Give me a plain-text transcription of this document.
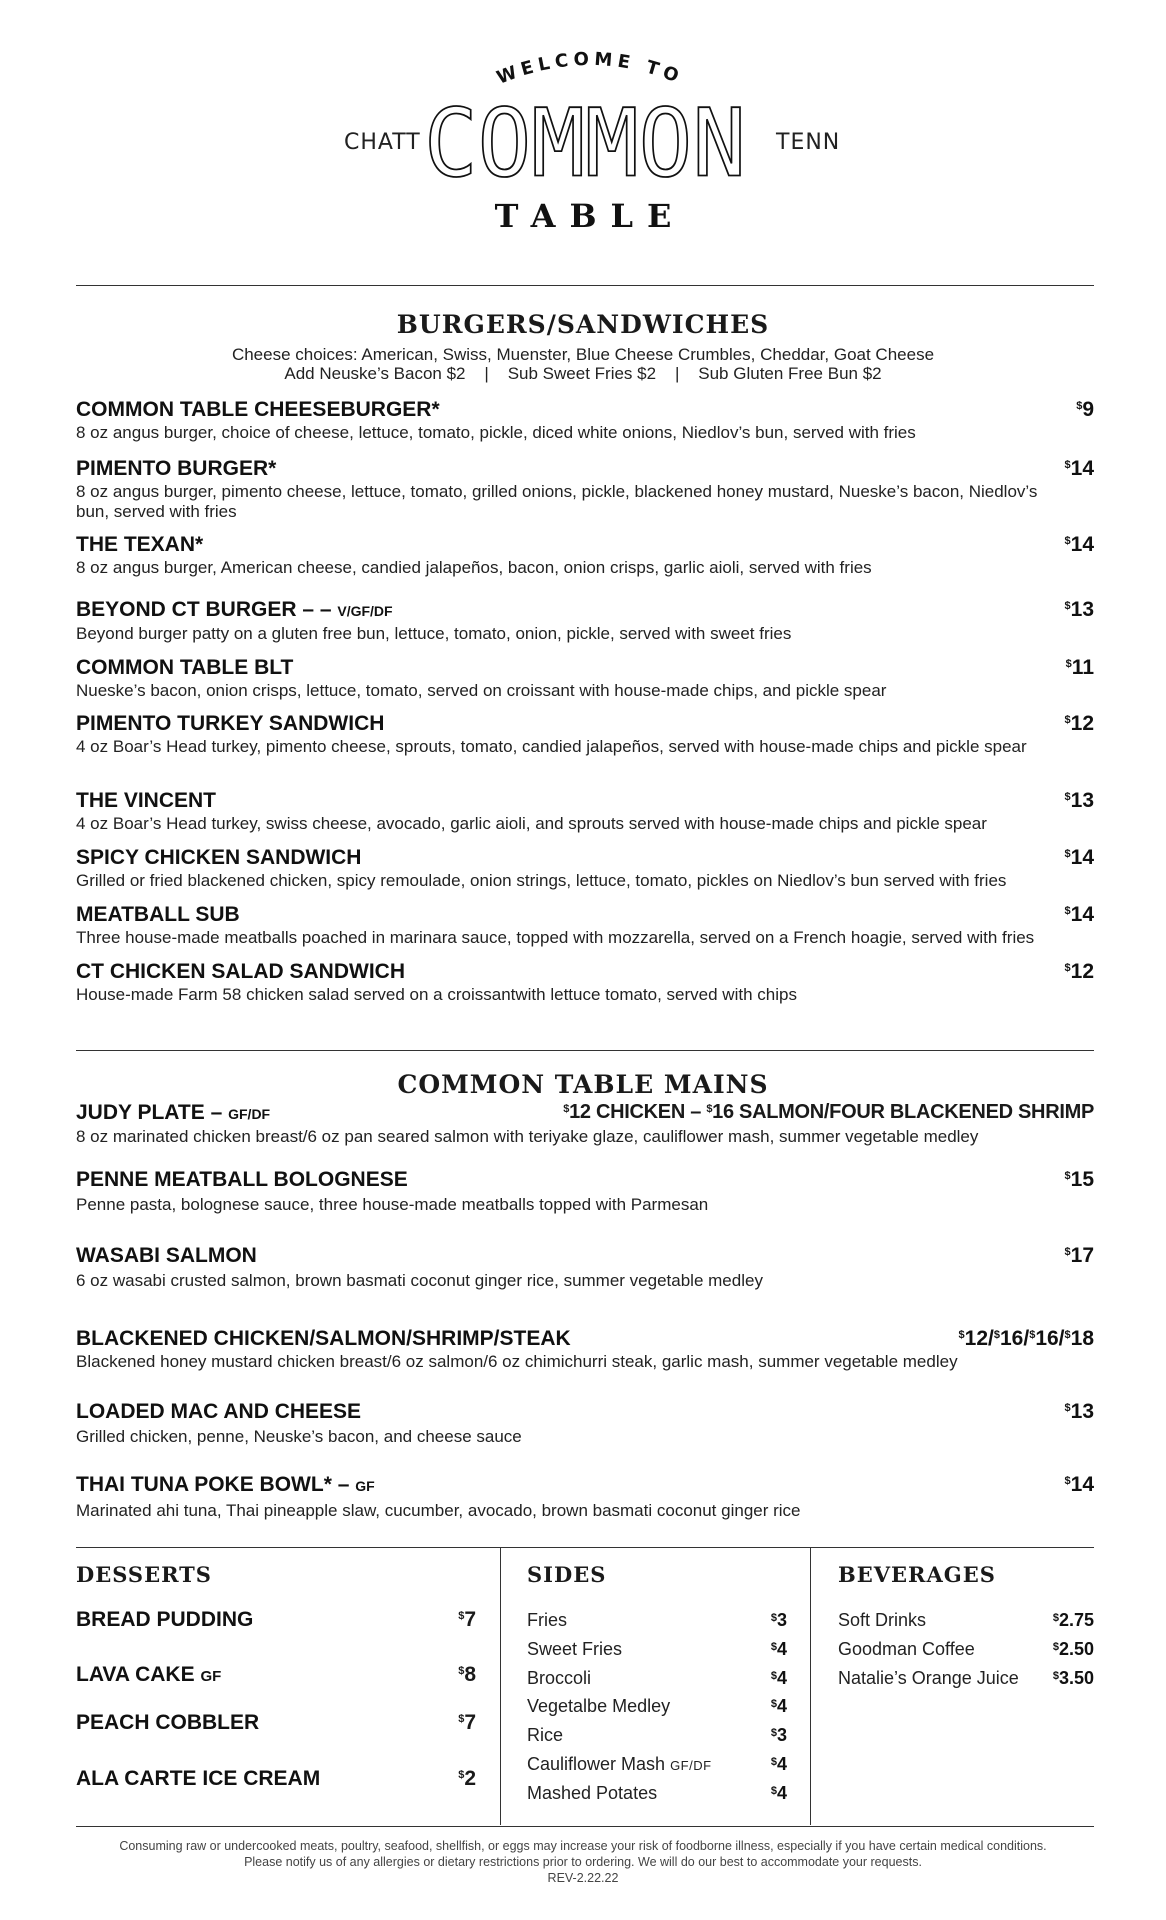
WELCOME TO
CHATT COMMON TENN
TABLE
BURGERS/SANDWICHES
Cheese choices: American, Swiss, Muenster, Blue Cheese Crumbles, Cheddar, Goat Cheese
Add Neuske’s Bacon $2    |    Sub Sweet Fries $2    |    Sub Gluten Free Bun $2
COMMON TABLE CHEESEBURGER*	$9
8 oz angus burger, choice of cheese, lettuce, tomato, pickle, diced white onions, Niedlov’s bun, served with fries
PIMENTO BURGER*	$14
8 oz angus burger, pimento cheese, lettuce, tomato, grilled onions, pickle, blackened honey mustard, Nueske’s bacon, Niedlov’s bun, served with fries
THE TEXAN*	$14
8 oz angus burger, American cheese, candied jalapeños, bacon, onion crisps, garlic aioli, served with fries
BEYOND CT BURGER – – V/GF/DF	$13
Beyond burger patty on a gluten free bun, lettuce, tomato, onion, pickle, served with sweet fries
COMMON TABLE BLT	$11
Nueske’s bacon, onion crisps, lettuce, tomato, served on croissant with house-made chips, and pickle spear
PIMENTO TURKEY SANDWICH	$12
4 oz Boar’s Head turkey, pimento cheese, sprouts, tomato, candied jalapeños, served with house-made chips and pickle spear
THE VINCENT	$13
4 oz Boar’s Head turkey, swiss cheese, avocado, garlic aioli, and sprouts served with house-made chips and pickle spear
SPICY CHICKEN SANDWICH	$14
Grilled or fried blackened chicken, spicy remoulade, onion strings, lettuce, tomato, pickles on Niedlov’s bun served with fries
MEATBALL SUB	$14
Three house-made meatballs poached in marinara sauce, topped with mozzarella, served on a French hoagie, served with fries
CT CHICKEN SALAD SANDWICH	$12
House-made Farm 58 chicken salad served on a croissantwith lettuce tomato, served with chips
COMMON TABLE MAINS
JUDY PLATE – GF/DF	$12 CHICKEN – $16 SALMON/FOUR BLACKENED SHRIMP
8 oz marinated chicken breast/6 oz pan seared salmon with teriyake glaze, cauliflower mash, summer vegetable medley
PENNE MEATBALL BOLOGNESE	$15
Penne pasta, bolognese sauce, three house-made meatballs topped with Parmesan
WASABI SALMON	$17
6 oz wasabi crusted salmon, brown basmati coconut ginger rice, summer vegetable medley
LOADED MAC AND CHEESE	$13
Grilled chicken, penne, Neuske’s bacon, and cheese sauce
THAI TUNA POKE BOWL* – GF	$14
Marinated ahi tuna, Thai pineapple slaw, cucumber, avocado, brown basmati coconut ginger rice
BLACKENED CHICKEN/SALMON/SHRIMP/STEAK	$12/$16/$16/$18
Blackened honey mustard chicken breast/6 oz salmon/6 oz chimichurri steak, garlic mash, summer vegetable medley
DESSERTS	SIDES	BEVERAGES
BREAD PUDDING	$7
LAVA CAKE GF	$8
PEACH COBBLER	$7
ALA CARTE ICE CREAM	$2
Fries	$3
Sweet Fries	$4
Broccoli	$4
Vegetalbe Medley	$4
Rice	$3
Cauliflower Mash GF/DF	$4
Mashed Potates	$4
Soft Drinks	$2.75
Goodman Coffee	$2.50
Natalie’s Orange Juice	$3.50
Consuming raw or undercooked meats, poultry, seafood, shellfish, or eggs may increase your risk of foodborne illness, especially if you have certain medical conditions.
Please notify us of any allergies or dietary restrictions prior to ordering. We will do our best to accommodate your requests.
REV-2.22.22
